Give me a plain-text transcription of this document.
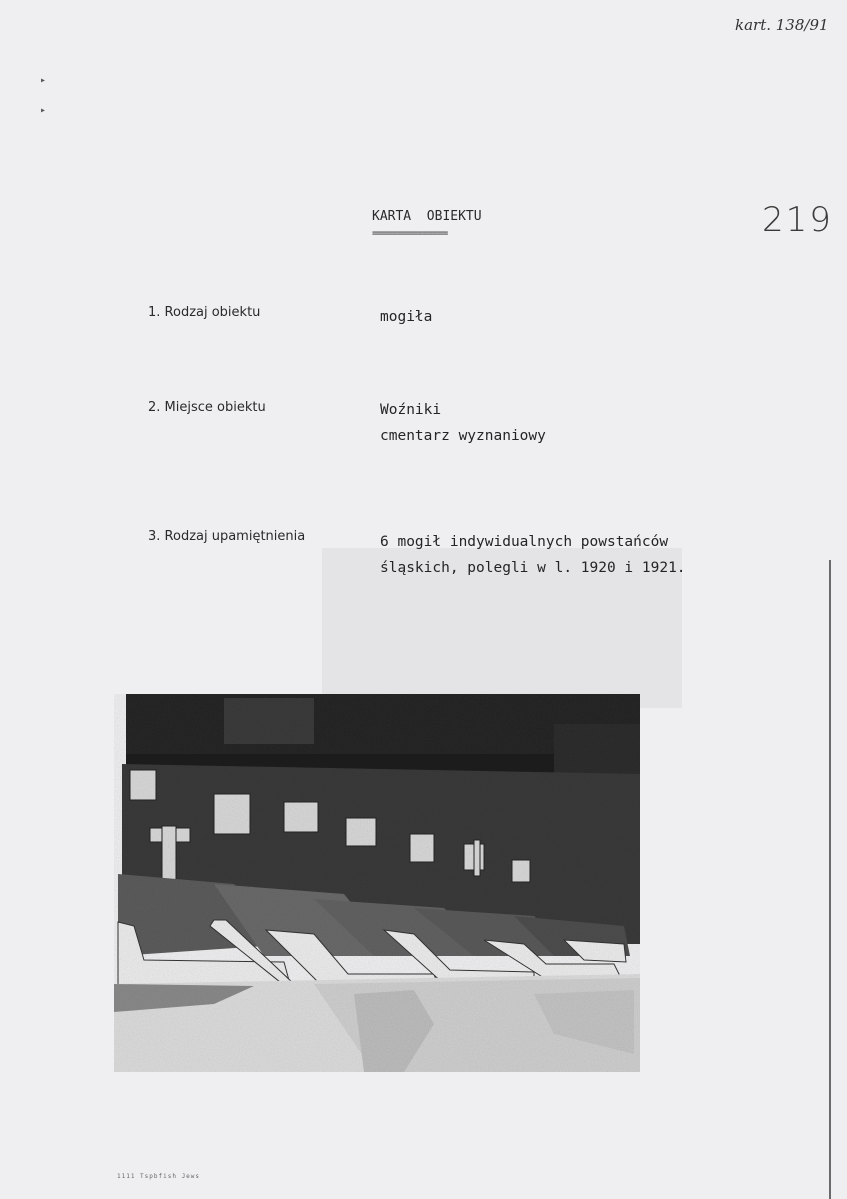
▸
▸
kart. 138/91
219
KARTA  OBIEKTU
===============
1. Rodzaj obiektu	mogiła
2. Miejsce obiektu	Woźniki
cmentarz wyznaniowy
3. Rodzaj upamiętnienia	6 mogił indywidualnych powstańców
śląskich, polegli w l. 1920 i 1921.
1111 Tspbfish Jews
